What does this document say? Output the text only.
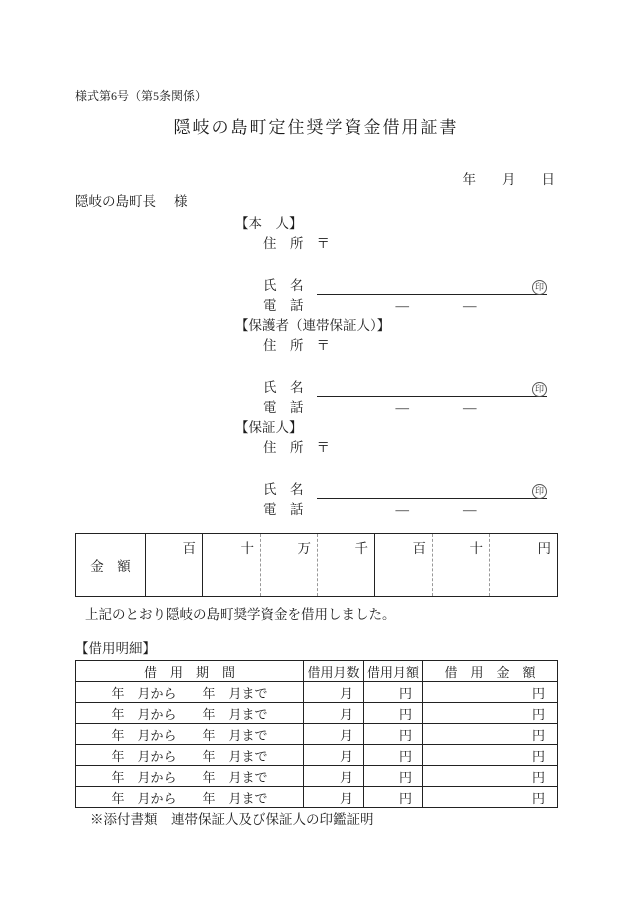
様式第6号（第5条関係）
隠岐の島町定住奨学資金借用証書
年 月 日
隠岐の島町長 様
【本　人】
住　所 〒
氏　名	印
電　話	―	―
【保護者（連帯保証人）】
住　所 〒
氏　名	印
電　話	―	―
【保証人】
住　所 〒
氏　名	印
電　話	―	―
金　額	百	十	万	千	百	十	円
上記のとおり隠岐の島町奨学資金を借用しました。
【借用明細】
借　用　期　間	借用月数	借用月額	借　用　金　額
年　月から　　年　月まで	月	円	円
年　月から　　年　月まで	月	円	円
年　月から　　年　月まで	月	円	円
年　月から　　年　月まで	月	円	円
年　月から　　年　月まで	月	円	円
年　月から　　年　月まで	月	円	円
※添付書類　連帯保証人及び保証人の印鑑証明
